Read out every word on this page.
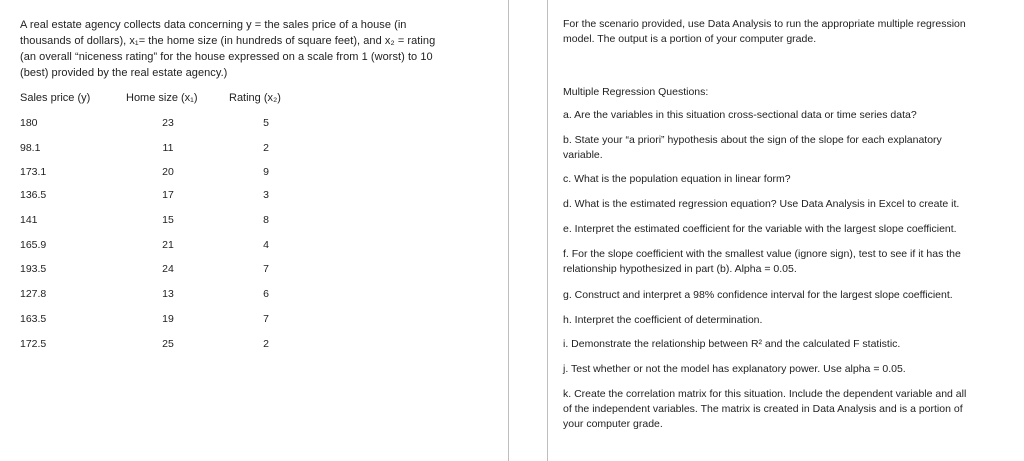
A real estate agency collects data concerning y = the sales price of a house (in
thousands of dollars), x₁= the home size (in hundreds of square feet), and x₂ = rating
(an overall “niceness rating” for the house expressed on a scale from 1 (worst) to 10
(best) provided by the real estate agency.)
Sales price (y)	Home size (x₁)	Rating (x₂)
180	23	5
98.1	11	2
173.1	20	9
136.5	17	3
141	15	8
165.9	21	4
193.5	24	7
127.8	13	6
163.5	19	7
172.5	25	2
For the scenario provided, use Data Analysis to run the appropriate multiple regression
model. The output is a portion of your computer grade.
Multiple Regression Questions:
a. Are the variables in this situation cross-sectional data or time series data?
b. State your “a priori” hypothesis about the sign of the slope for each explanatory
variable.
c. What is the population equation in linear form?
d. What is the estimated regression equation? Use Data Analysis in Excel to create it.
e. Interpret the estimated coefficient for the variable with the largest slope coefficient.
f. For the slope coefficient with the smallest value (ignore sign), test to see if it has the
relationship hypothesized in part (b). Alpha = 0.05.
g. Construct and interpret a 98% confidence interval for the largest slope coefficient.
h. Interpret the coefficient of determination.
i. Demonstrate the relationship between R² and the calculated F statistic.
j. Test whether or not the model has explanatory power. Use alpha = 0.05.
k. Create the correlation matrix for this situation. Include the dependent variable and all
of the independent variables. The matrix is created in Data Analysis and is a portion of
your computer grade.
